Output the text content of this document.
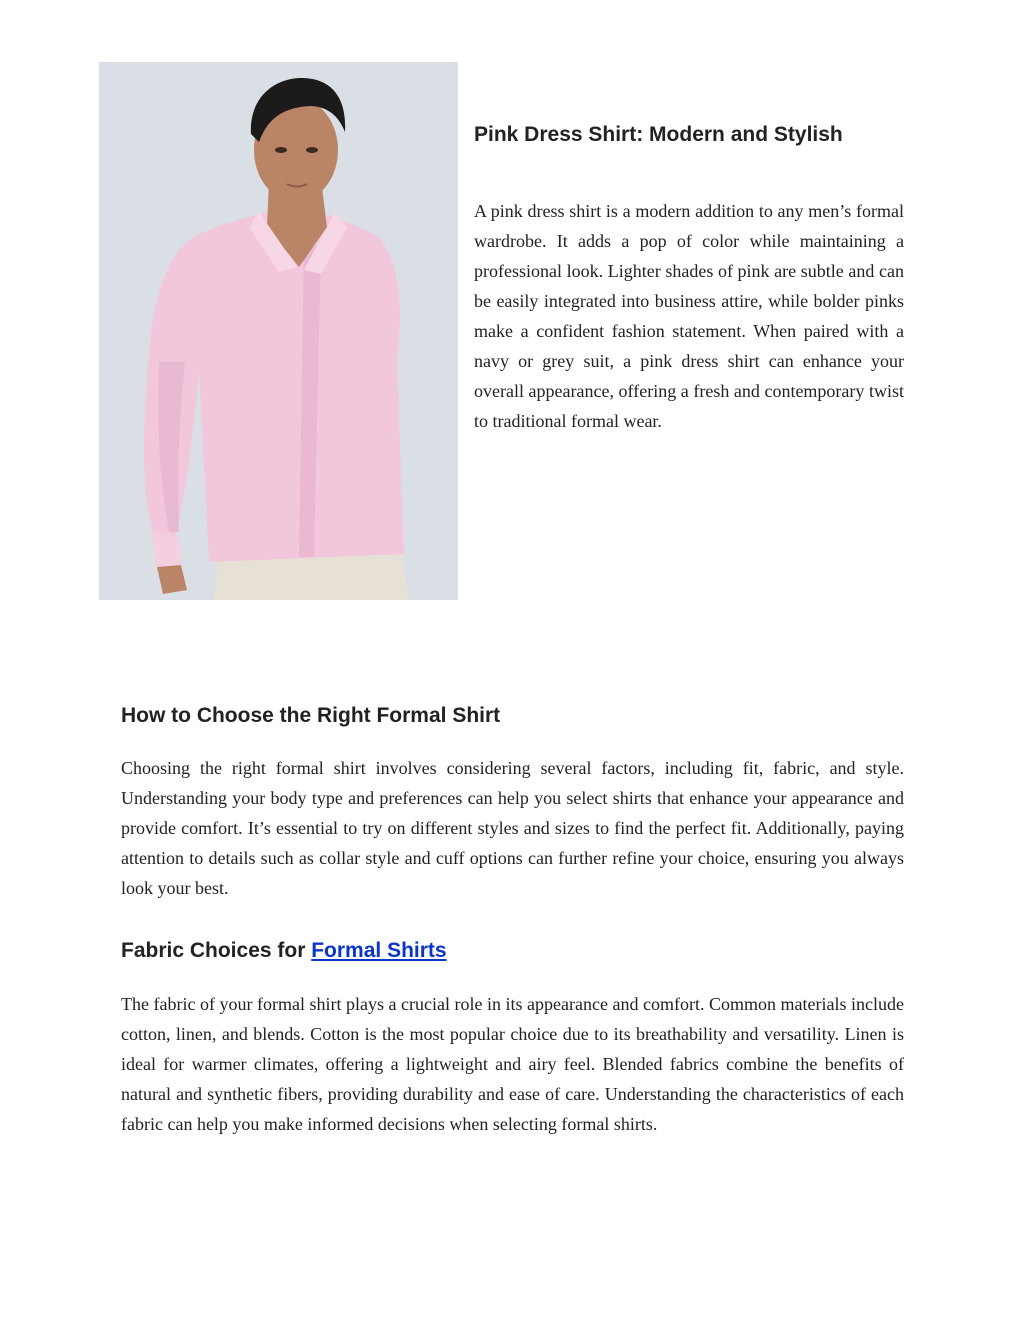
Pink Dress Shirt: Modern and Stylish

A pink dress shirt is a modern addition to any men’s formal wardrobe. It adds a pop of color while maintaining a professional look. Lighter shades of pink are subtle and can be easily integrated into business attire, while bolder pinks make a confident fashion statement. When paired with a navy or grey suit, a pink dress shirt can enhance your overall appearance, offering a fresh and contemporary twist to traditional formal wear.

How to Choose the Right Formal Shirt

Choosing the right formal shirt involves considering several factors, including fit, fabric, and style. Understanding your body type and preferences can help you select shirts that enhance your appearance and provide comfort. It’s essential to try on different styles and sizes to find the perfect fit. Additionally, paying attention to details such as collar style and cuff options can further refine your choice, ensuring you always look your best.

Fabric Choices for Formal Shirts

The fabric of your formal shirt plays a crucial role in its appearance and comfort. Common materials include cotton, linen, and blends. Cotton is the most popular choice due to its breathability and versatility. Linen is ideal for warmer climates, offering a lightweight and airy feel. Blended fabrics combine the benefits of natural and synthetic fibers, providing durability and ease of care. Understanding the characteristics of each fabric can help you make informed decisions when selecting formal shirts.
